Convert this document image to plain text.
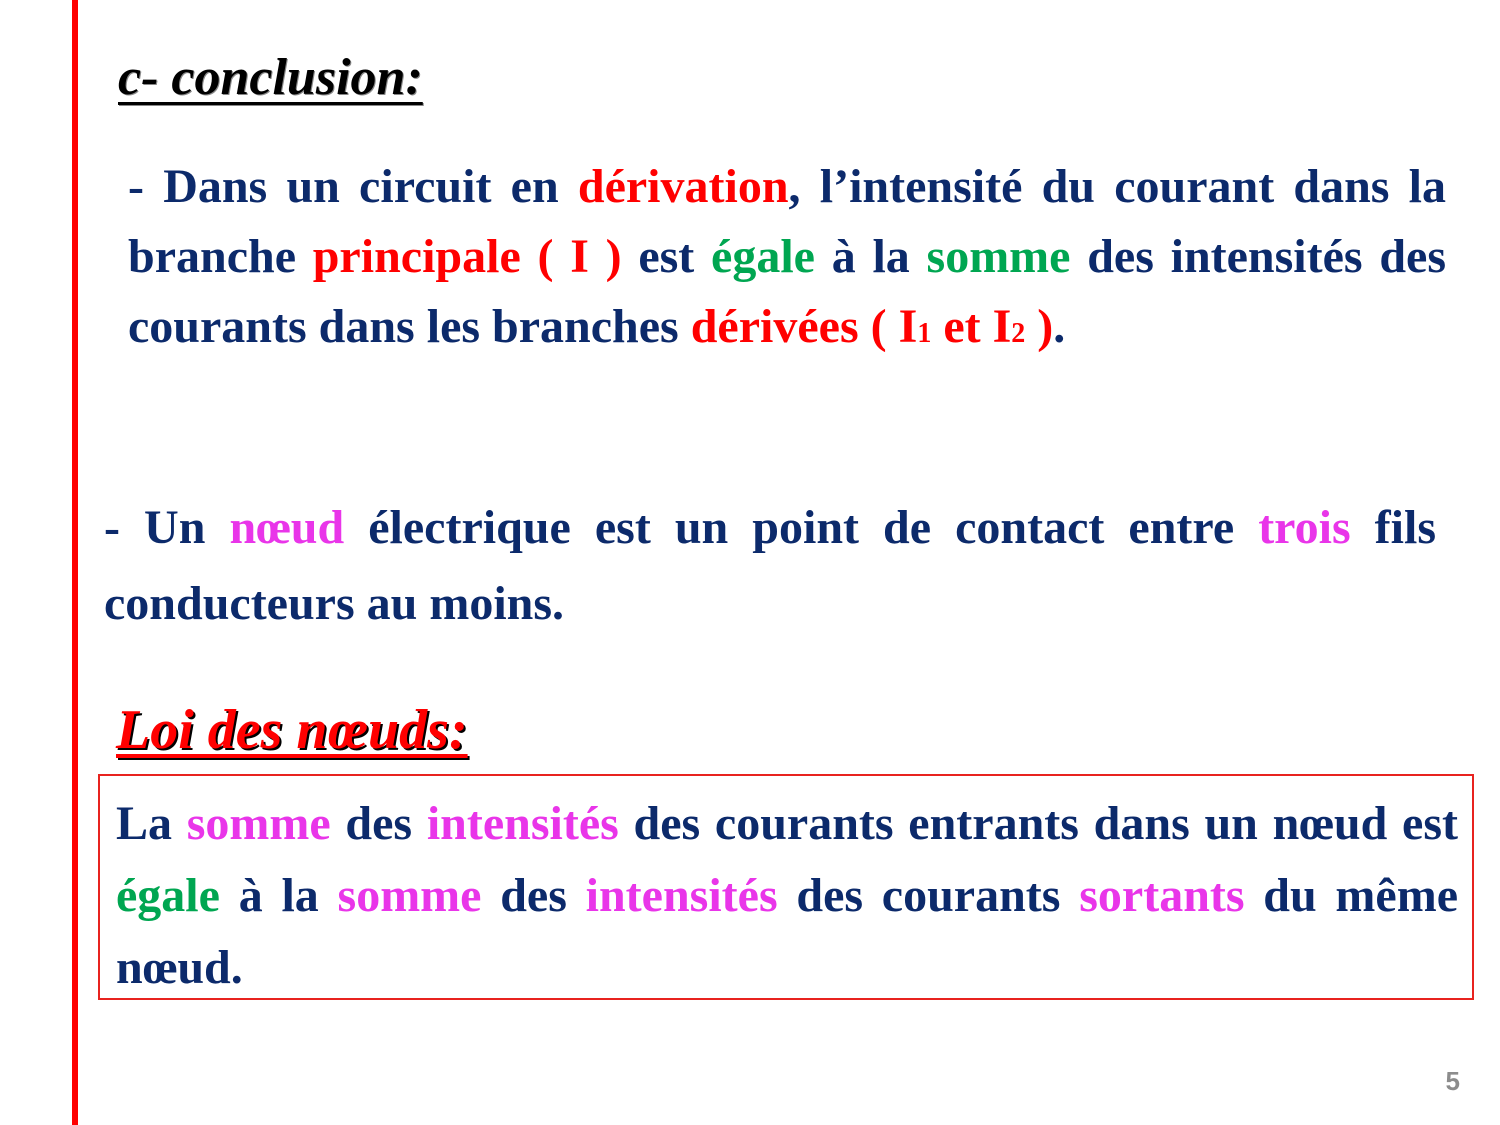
c- conclusion:
- Dans un circuit en dérivation, l’intensité du courant dans la branche principale ( I ) est égale à la somme des intensités des courants dans les branches dérivées ( I1 et I2 ).
- Un nœud électrique est un point de contact entre trois fils conducteurs au moins.
Loi des nœuds:
La somme des intensités des courants entrants dans un nœud est égale à la somme des intensités des courants sortants du même nœud.
5
